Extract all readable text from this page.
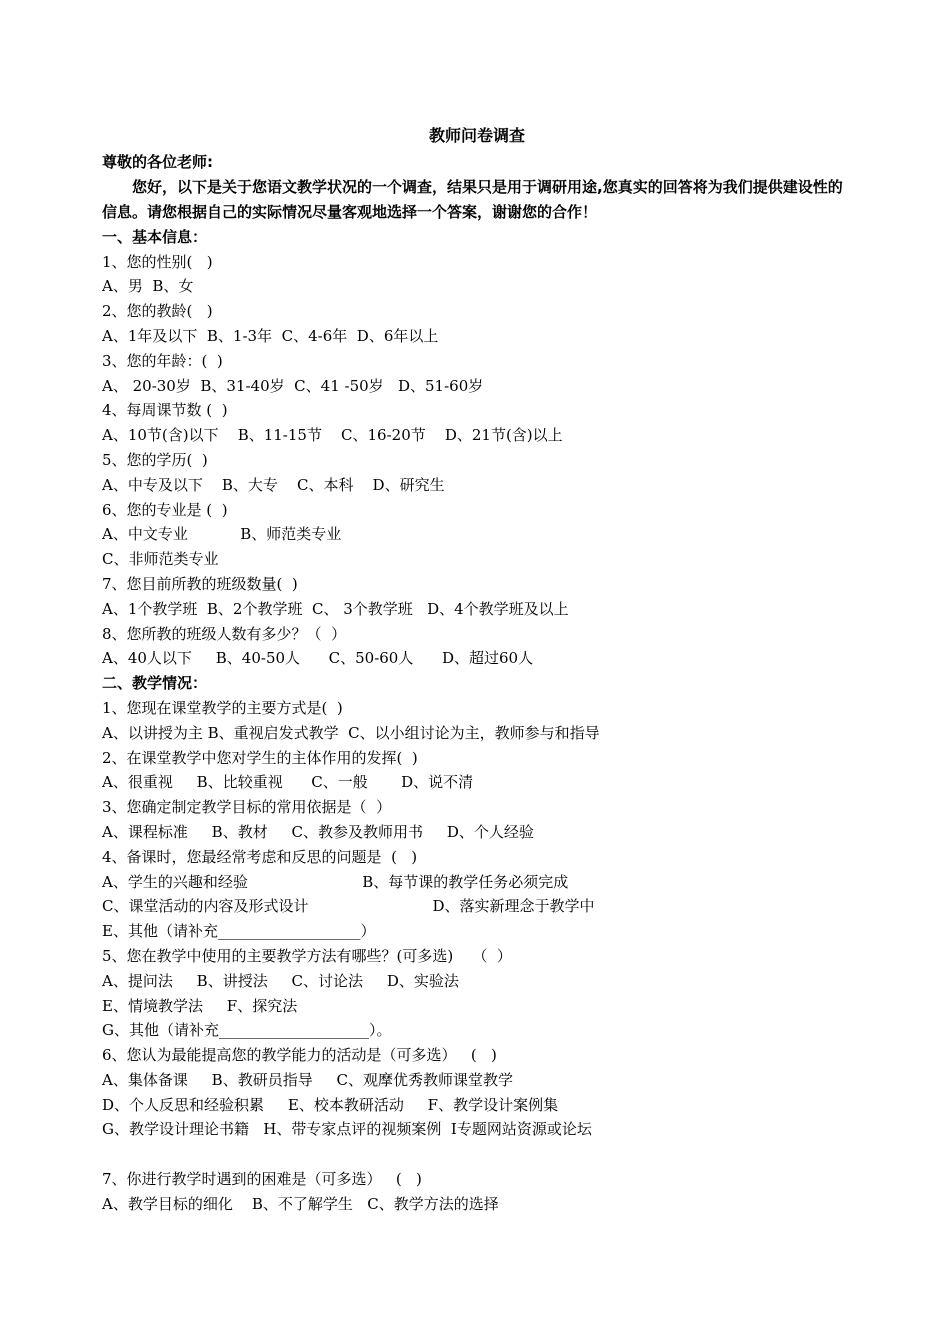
教师问卷调查
尊敬的各位老师:
您好，以下是关于您语文教学状况的一个调查，结果只是用于调研用途,您真实的回答将为我们提供建设性的信息。请您根据自己的实际情况尽量客观地选择一个答案，谢谢您的合作！
一、基本信息：
1、您的性别(   )
A、男  B、女
2、您的教龄(   )
A、1年及以下  B、1-3年  C、4-6年  D、6年以上
3、您的年龄：(  )
A、 20-30岁  B、31-40岁  C、41 -50岁   D、51-60岁
4、每周课节数 (  )
A、10节(含)以下    B、11-15节    C、16-20节    D、21节(含)以上
5、您的学历(  )
A、中专及以下    B、大专    C、本科    D、研究生
6、您的专业是 (  )
A、中文专业           B、师范类专业
C、非师范类专业
7、您目前所教的班级数量(  )
A、1个教学班  B、2个教学班  C、 3个教学班   D、4个教学班及以上
8、您所教的班级人数有多少？（  ）
A、40人以下     B、40-50人      C、50-60人      D、超过60人
二、教学情况：
1、您现在课堂教学的主要方式是(  )
A、以讲授为主 B、重视启发式教学  C、以小组讨论为主，教师参与和指导
2、在课堂教学中您对学生的主体作用的发挥(  )
A、很重视     B、比较重视      C、一般       D、说不清
3、您确定制定教学目标的常用依据是（  ）
A、课程标准     B、教材     C、教参及教师用书     D、个人经验
4、备课时，您最经常考虑和反思的问题是  (   )
A、学生的兴趣和经验                        B、每节课的教学任务必须完成
C、课堂活动的内容及形式设计                          D、落实新理念于教学中
E、其他（请补充___________________）
5、您在教学中使用的主要教学方法有哪些？(可多选)    （  ）
A、提问法     B、讲授法     C、讨论法     D、实验法
E、情境教学法     F、探究法
G、其他（请补充____________________）。
6、您认为最能提高您的教学能力的活动是（可多选）   (   )
A、集体备课     B、教研员指导     C、观摩优秀教师课堂教学
D、个人反思和经验积累     E、校本教研活动     F、教学设计案例集
G、教学设计理论书籍   H、带专家点评的视频案例  I专题网站资源或论坛
7、你进行教学时遇到的困难是（可多选）   (   )
A、教学目标的细化    B、不了解学生   C、教学方法的选择
